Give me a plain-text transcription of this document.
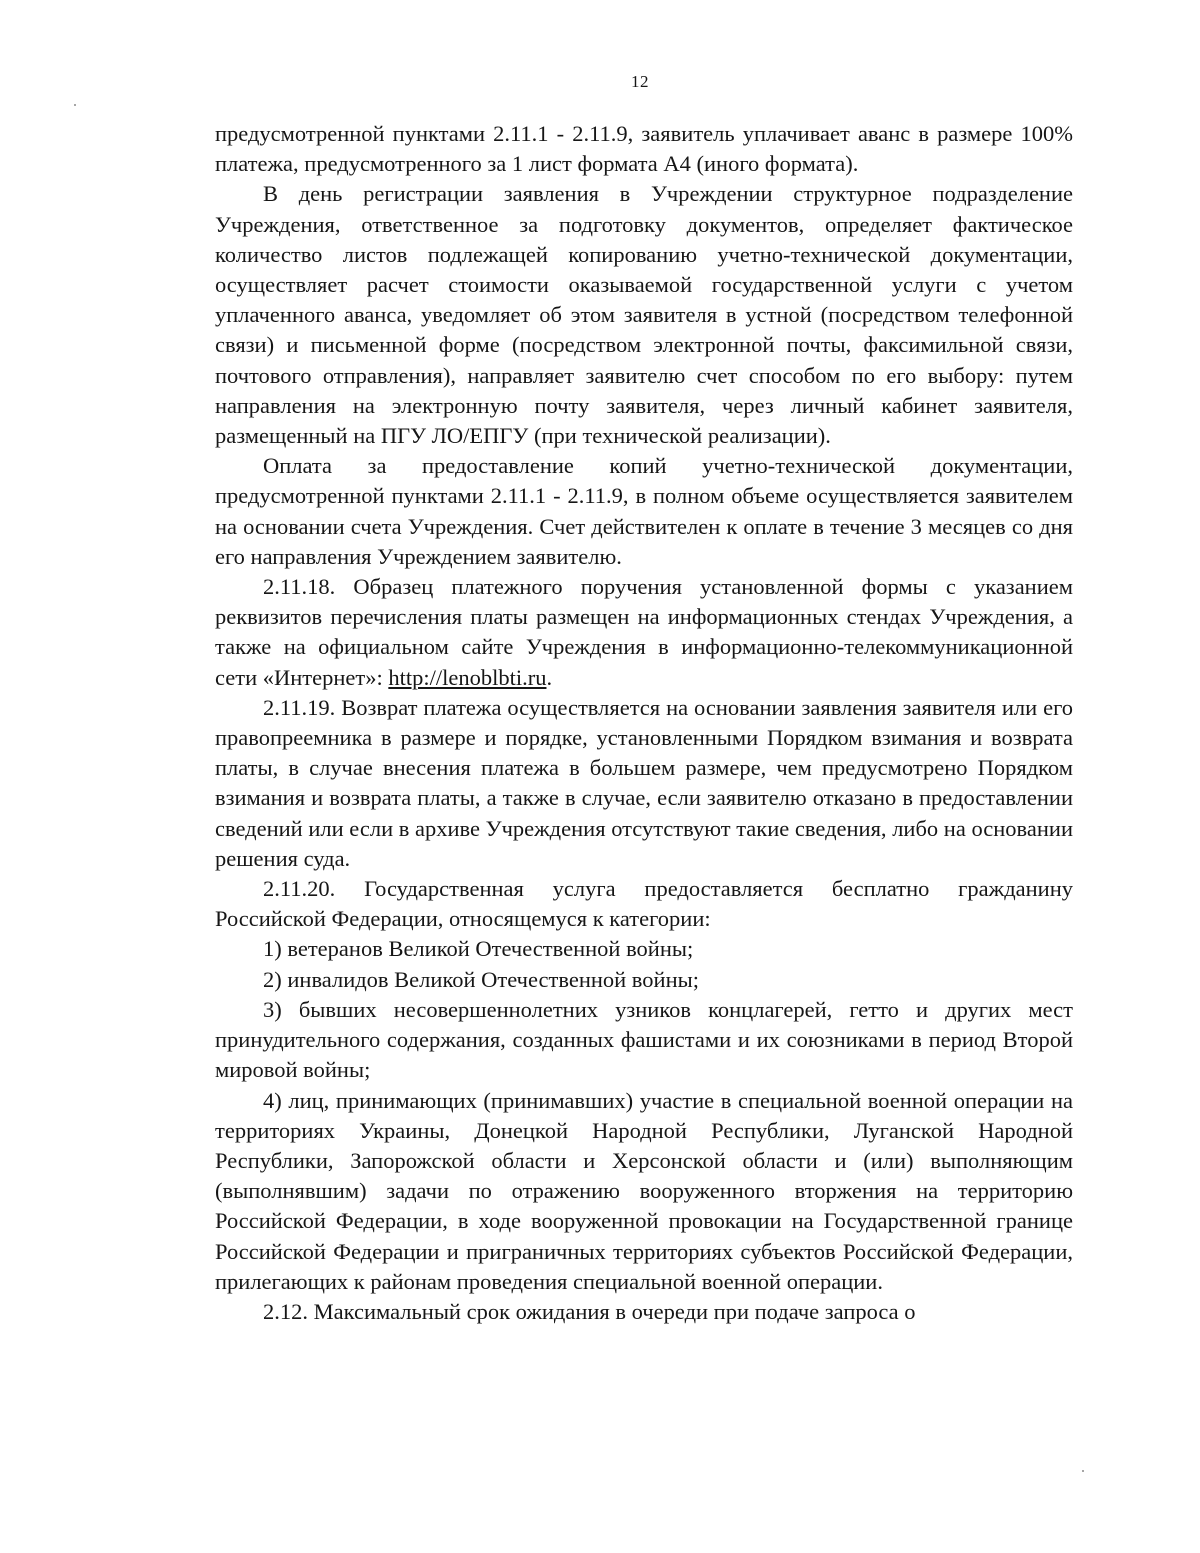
12

предусмотренной пунктами 2.11.1 - 2.11.9, заявитель уплачивает аванс в размере 100% платежа, предусмотренного за 1 лист формата А4 (иного формата).

В день регистрации заявления в Учреждении структурное подразделение Учреждения, ответственное за подготовку документов, определяет фактическое количество листов подлежащей копированию учетно-технической документации, осуществляет расчет стоимости оказываемой государственной услуги с учетом уплаченного аванса, уведомляет об этом заявителя в устной (посредством телефонной связи) и письменной форме (посредством электронной почты, факсимильной связи, почтового отправления), направляет заявителю счет способом по его выбору: путем направления на электронную почту заявителя, через личный кабинет заявителя, размещенный на ПГУ ЛО/ЕПГУ (при технической реализации).

Оплата за предоставление копий учетно-технической документации, предусмотренной пунктами 2.11.1 - 2.11.9, в полном объеме осуществляется заявителем на основании счета Учреждения. Счет действителен к оплате в течение 3 месяцев со дня его направления Учреждением заявителю.

2.11.18. Образец платежного поручения установленной формы с указанием реквизитов перечисления платы размещен на информационных стендах Учреждения, а также на официальном сайте Учреждения в информационно-телекоммуникационной сети «Интернет»: http://lenoblbti.ru.

2.11.19. Возврат платежа осуществляется на основании заявления заявителя или его правопреемника в размере и порядке, установленными Порядком взимания и возврата платы, в случае внесения платежа в большем размере, чем предусмотрено Порядком взимания и возврата платы, а также в случае, если заявителю отказано в предоставлении сведений или если в архиве Учреждения отсутствуют такие сведения, либо на основании решения суда.

2.11.20. Государственная услуга предоставляется бесплатно гражданину Российской Федерации, относящемуся к категории:

1) ветеранов Великой Отечественной войны;

2) инвалидов Великой Отечественной войны;

3) бывших несовершеннолетних узников концлагерей, гетто и других мест принудительного содержания, созданных фашистами и их союзниками в период Второй мировой войны;

4) лиц, принимающих (принимавших) участие в специальной военной операции на территориях Украины, Донецкой Народной Республики, Луганской Народной Республики, Запорожской области и Херсонской области и (или) выполняющим (выполнявшим) задачи по отражению вооруженного вторжения на территорию Российской Федерации, в ходе вооруженной провокации на Государственной границе Российской Федерации и приграничных территориях субъектов Российской Федерации, прилегающих к районам проведения специальной военной операции.

2.12. Максимальный срок ожидания в очереди при подаче запроса о
